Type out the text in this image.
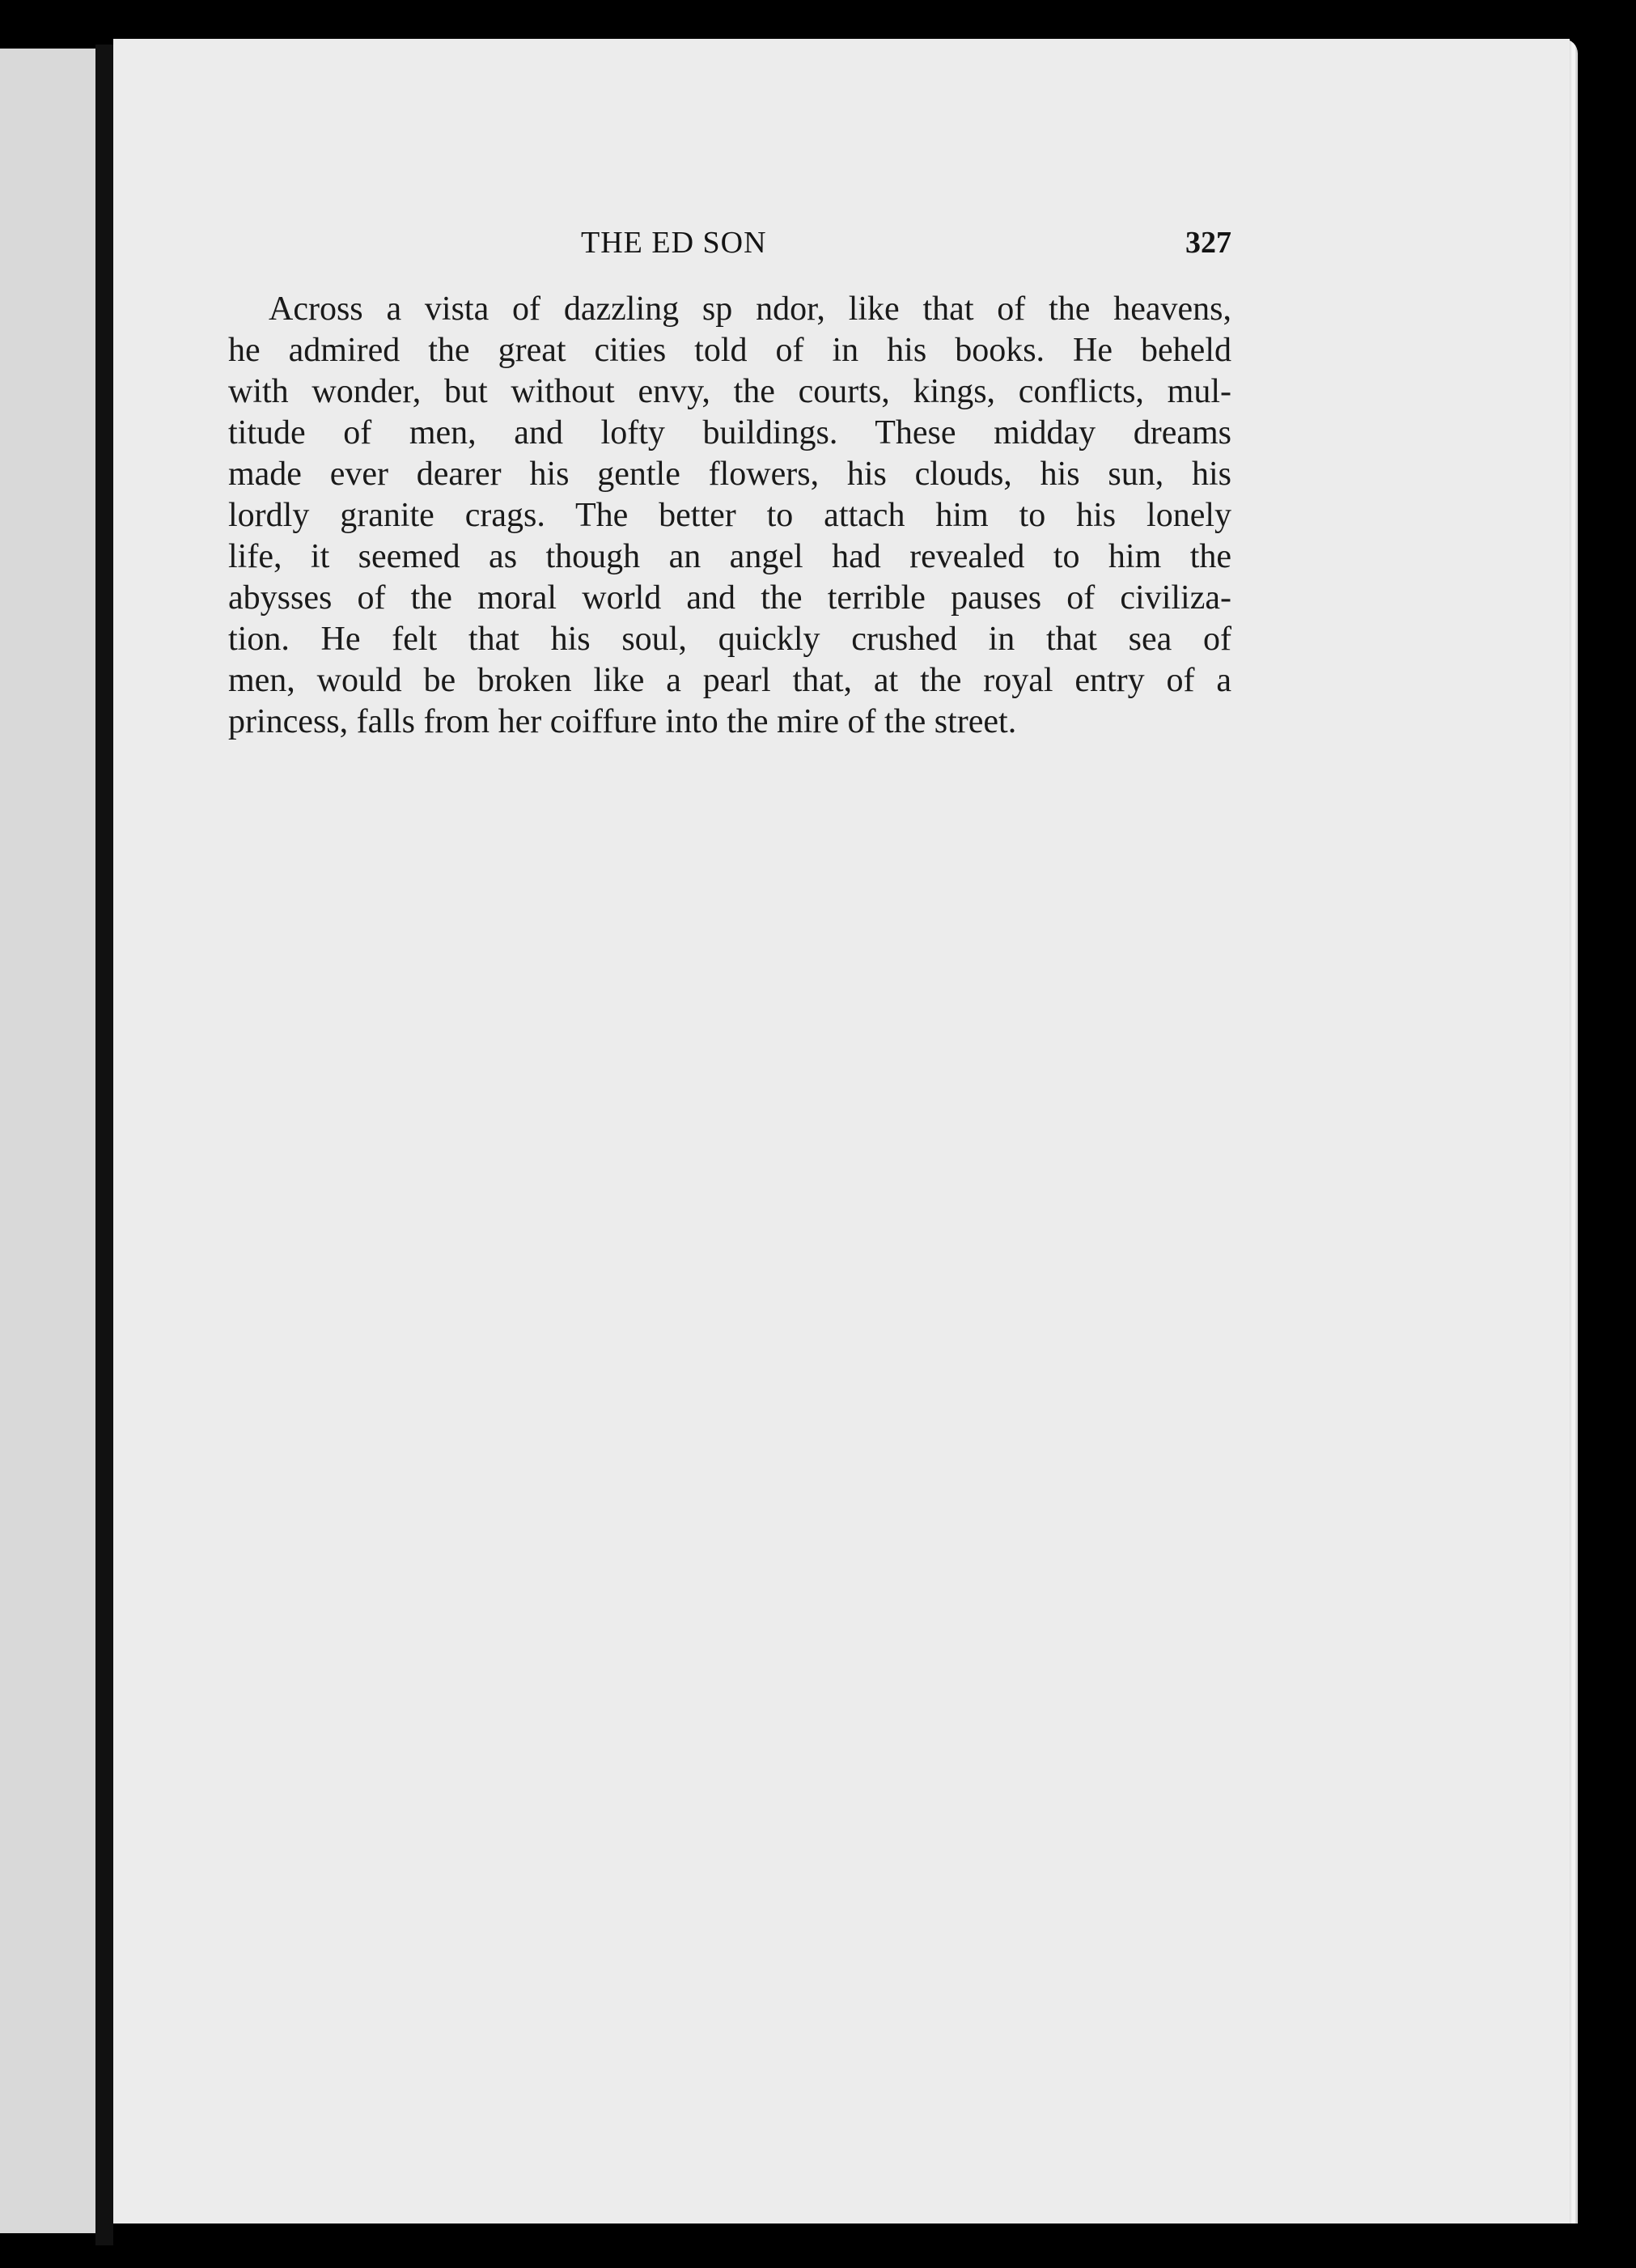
THE ED SON	327
Across a vista of dazzling sp ndor, like that of the heavens,
he admired the great cities told of in his books. He beheld
with wonder, but without envy, the courts, kings, conflicts, mul-
titude of men, and lofty buildings. These midday dreams
made ever dearer his gentle flowers, his clouds, his sun, his
lordly granite crags. The better to attach him to his lonely
life, it seemed as though an angel had revealed to him the
abysses of the moral world and the terrible pauses of civiliza-
tion. He felt that his soul, quickly crushed in that sea of
men, would be broken like a pearl that, at the royal entry of a
princess, falls from her coiffure into the mire of the street.
